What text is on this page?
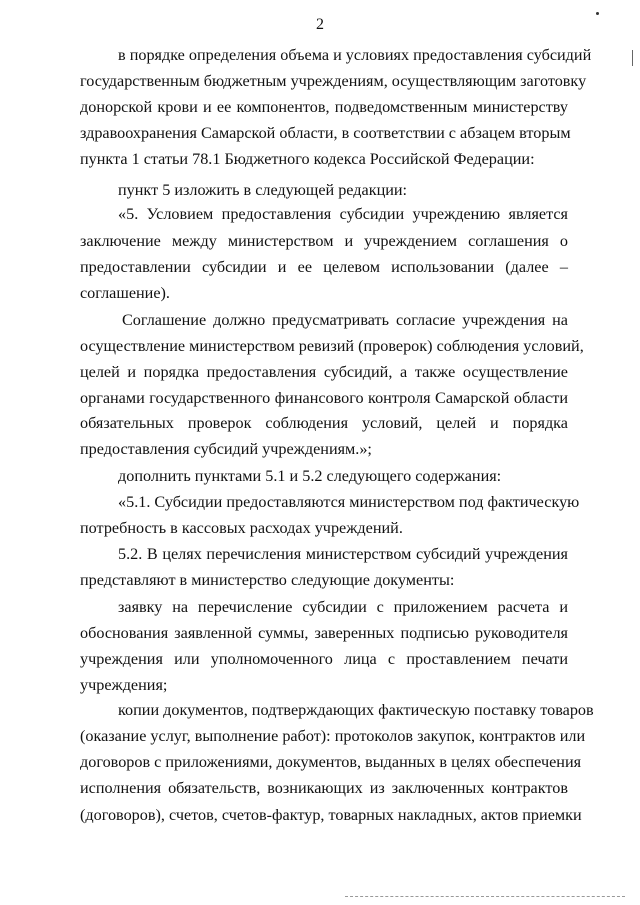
2
в порядке определения объема и условиях предоставления субсидий
государственным бюджетным учреждениям, осуществляющим заготовку
донорской крови и ее компонентов, подведомственным министерству
здравоохранения Самарской области, в соответствии с абзацем вторым
пункта 1 статьи 78.1 Бюджетного кодекса Российской Федерации:
пункт 5 изложить в следующей редакции:
«5. Условием предоставления субсидии учреждению является
заключение между министерством и учреждением соглашения о
предоставлении субсидии и ее целевом использовании (далее –
соглашение).
Соглашение должно предусматривать согласие учреждения на
осуществление министерством ревизий (проверок) соблюдения условий,
целей и порядка предоставления субсидий, а также осуществление
органами государственного финансового контроля Самарской области
обязательных проверок соблюдения условий, целей и порядка
предоставления субсидий учреждениям.»;
дополнить пунктами 5.1 и 5.2 следующего содержания:
«5.1. Субсидии предоставляются министерством под фактическую
потребность в кассовых расходах учреждений.
5.2. В целях перечисления министерством субсидий учреждения
представляют в министерство следующие документы:
заявку на перечисление субсидии с приложением расчета и
обоснования заявленной суммы, заверенных подписью руководителя
учреждения или уполномоченного лица с проставлением печати
учреждения;
копии документов, подтверждающих фактическую поставку товаров
(оказание услуг, выполнение работ): протоколов закупок, контрактов или
договоров с приложениями, документов, выданных в целях обеспечения
исполнения обязательств, возникающих из заключенных контрактов
(договоров), счетов, счетов-фактур, товарных накладных, актов приемки
